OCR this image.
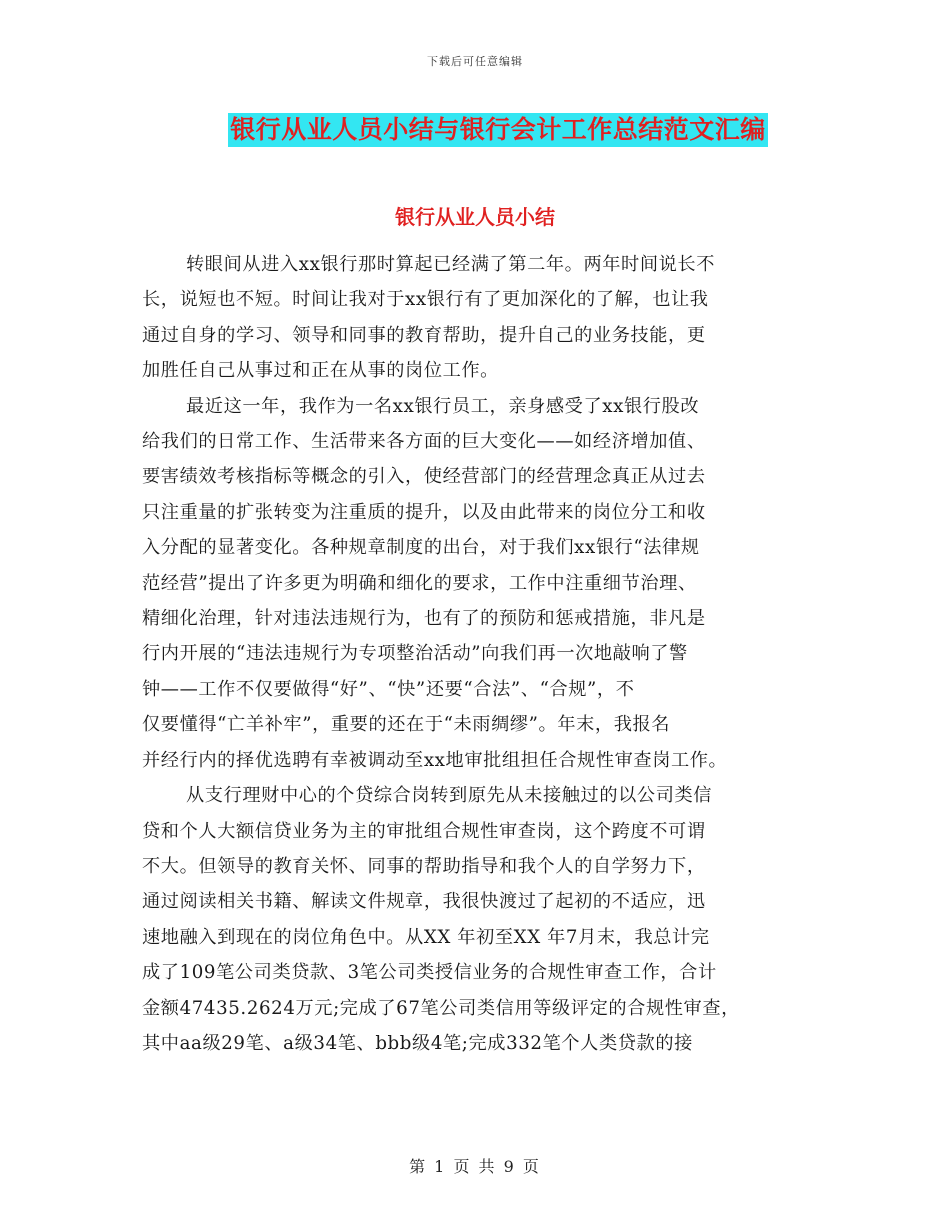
下载后可任意编辑
银行从业人员小结与银行会计工作总结范文汇编
银行从业人员小结

转眼间从进入xx银行那时算起已经满了第二年。两年时间说长不
长，说短也不短。时间让我对于xx银行有了更加深化的了解，也让我
通过自身的学习、领导和同事的教育帮助，提升自己的业务技能，更
加胜任自己从事过和正在从事的岗位工作。

最近这一年，我作为一名xx银行员工，亲身感受了xx银行股改
给我们的日常工作、生活带来各方面的巨大变化——如经济增加值、
要害绩效考核指标等概念的引入，使经营部门的经营理念真正从过去
只注重量的扩张转变为注重质的提升，以及由此带来的岗位分工和收
入分配的显著变化。各种规章制度的出台，对于我们xx银行“法律规
范经营”提出了许多更为明确和细化的要求，工作中注重细节治理、
精细化治理，针对违法违规行为，也有了的预防和惩戒措施，非凡是
行内开展的“违法违规行为专项整治活动”向我们再一次地敲响了警
钟——工作不仅要做得“好”、“快”还要“合法”、“合规”，不
仅要懂得“亡羊补牢”，重要的还在于“未雨绸缪”。年末，我报名
并经行内的择优选聘有幸被调动至xx地审批组担任合规性审查岗工作。

从支行理财中心的个贷综合岗转到原先从未接触过的以公司类信
贷和个人大额信贷业务为主的审批组合规性审查岗，这个跨度不可谓
不大。但领导的教育关怀、同事的帮助指导和我个人的自学努力下，
通过阅读相关书籍、解读文件规章，我很快渡过了起初的不适应，迅
速地融入到现在的岗位角色中。从XX 年初至XX 年7月末，我总计完
成了109笔公司类贷款、3笔公司类授信业务的合规性审查工作，合计
金额47435.2624万元;完成了67笔公司类信用等级评定的合规性审查，
其中aa级29笔、a级34笔、bbb级4笔;完成332笔个人类贷款的接

第 1 页 共 9 页
